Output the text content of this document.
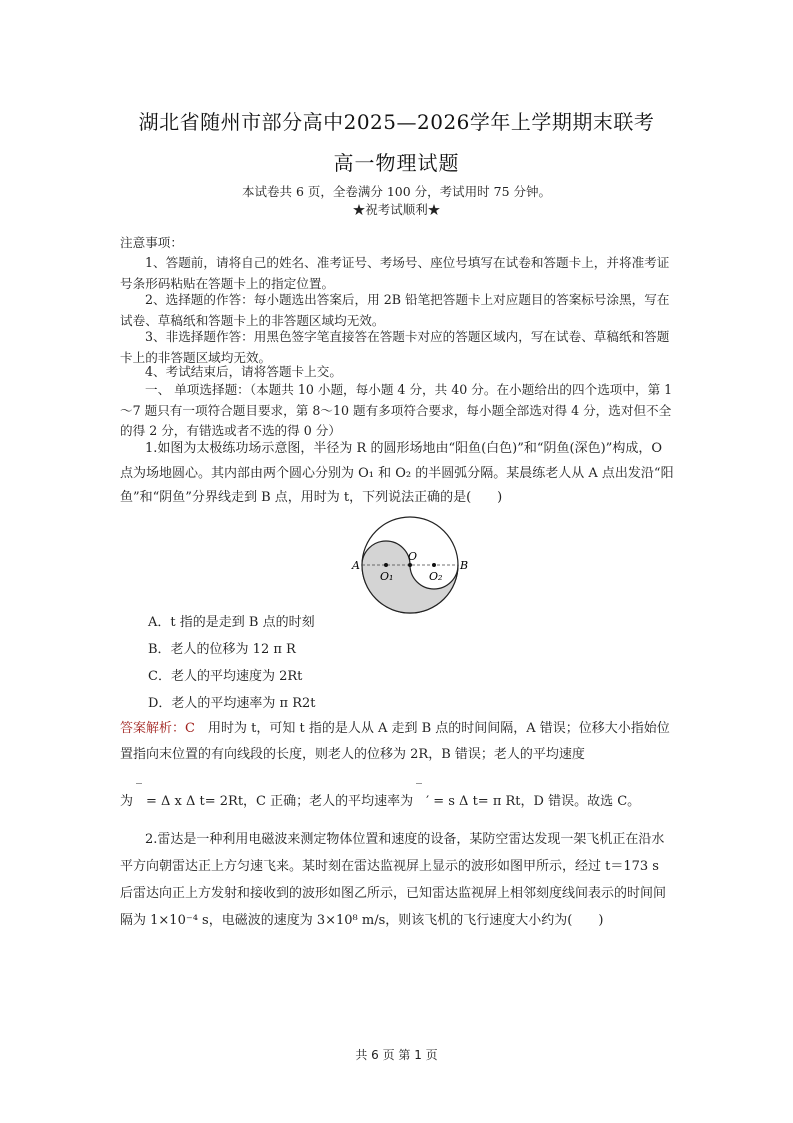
湖北省随州市部分高中2025—2026学年上学期期末联考
高一物理试题
本试卷共 6 页，全卷满分 100 分，考试用时 75 分钟。
★祝考试顺利★
注意事项：
1、答题前，请将自己的姓名、准考证号、考场号、座位号填写在试卷和答题卡上，并将准考证号条形码粘贴在答题卡上的指定位置。
2、选择题的作答：每小题选出答案后，用 2B 铅笔把答题卡上对应题目的答案标号涂黑，写在试卷、草稿纸和答题卡上的非答题区域均无效。
3、非选择题作答：用黑色签字笔直接答在答题卡对应的答题区域内，写在试卷、草稿纸和答题卡上的非答题区域均无效。
4、考试结束后，请将答题卡上交。
一、 单项选择题：（本题共 10 小题，每小题 4 分，共 40 分。在小题给出的四个选项中，第 1～7 题只有一项符合题目要求，第 8～10 题有多项符合要求，每小题全部选对得 4 分，选对但不全的得 2 分，有错选或者不选的得 0 分）
1.如图为太极练功场示意图，半径为 R 的圆形场地由“阳鱼(白色)”和“阴鱼(深色)”构成，O 点为场地圆心。其内部由两个圆心分别为 O₁ 和 O₂ 的半圆弧分隔。某晨练老人从 A 点出发沿“阳鱼”和“阴鱼”分界线走到 B 点，用时为 t，下列说法正确的是(　　)
A	B
O
O₁	O₂
A．t 指的是走到 B 点的时刻
B．老人的位移为 12 π R
C．老人的平均速度为 2Rt
D．老人的平均速率为 π R2t
答案解析：C　 用时为 t，可知 t 指的是人从 A 走到 B 点的时间间隔，A 错误；位移大小指始位置指向末位置的有向线段的长度，则老人的位移为 2R，B 错误；老人的平均速度
_	_
为　= Δ x Δ t= 2Rt，C 正确；老人的平均速率为　′ = s Δ t= π Rt，D 错误。故选 C。
2.雷达是一种利用电磁波来测定物体位置和速度的设备，某防空雷达发现一架飞机正在沿水平方向朝雷达正上方匀速飞来。某时刻在雷达监视屏上显示的波形如图甲所示，经过 t＝173 s 后雷达向正上方发射和接收到的波形如图乙所示，已知雷达监视屏上相邻刻度线间表示的时间间隔为 1×10⁻⁴ s，电磁波的速度为 3×10⁸ m/s，则该飞机的飞行速度大小约为(　　)
共 6 页 第 1 页
